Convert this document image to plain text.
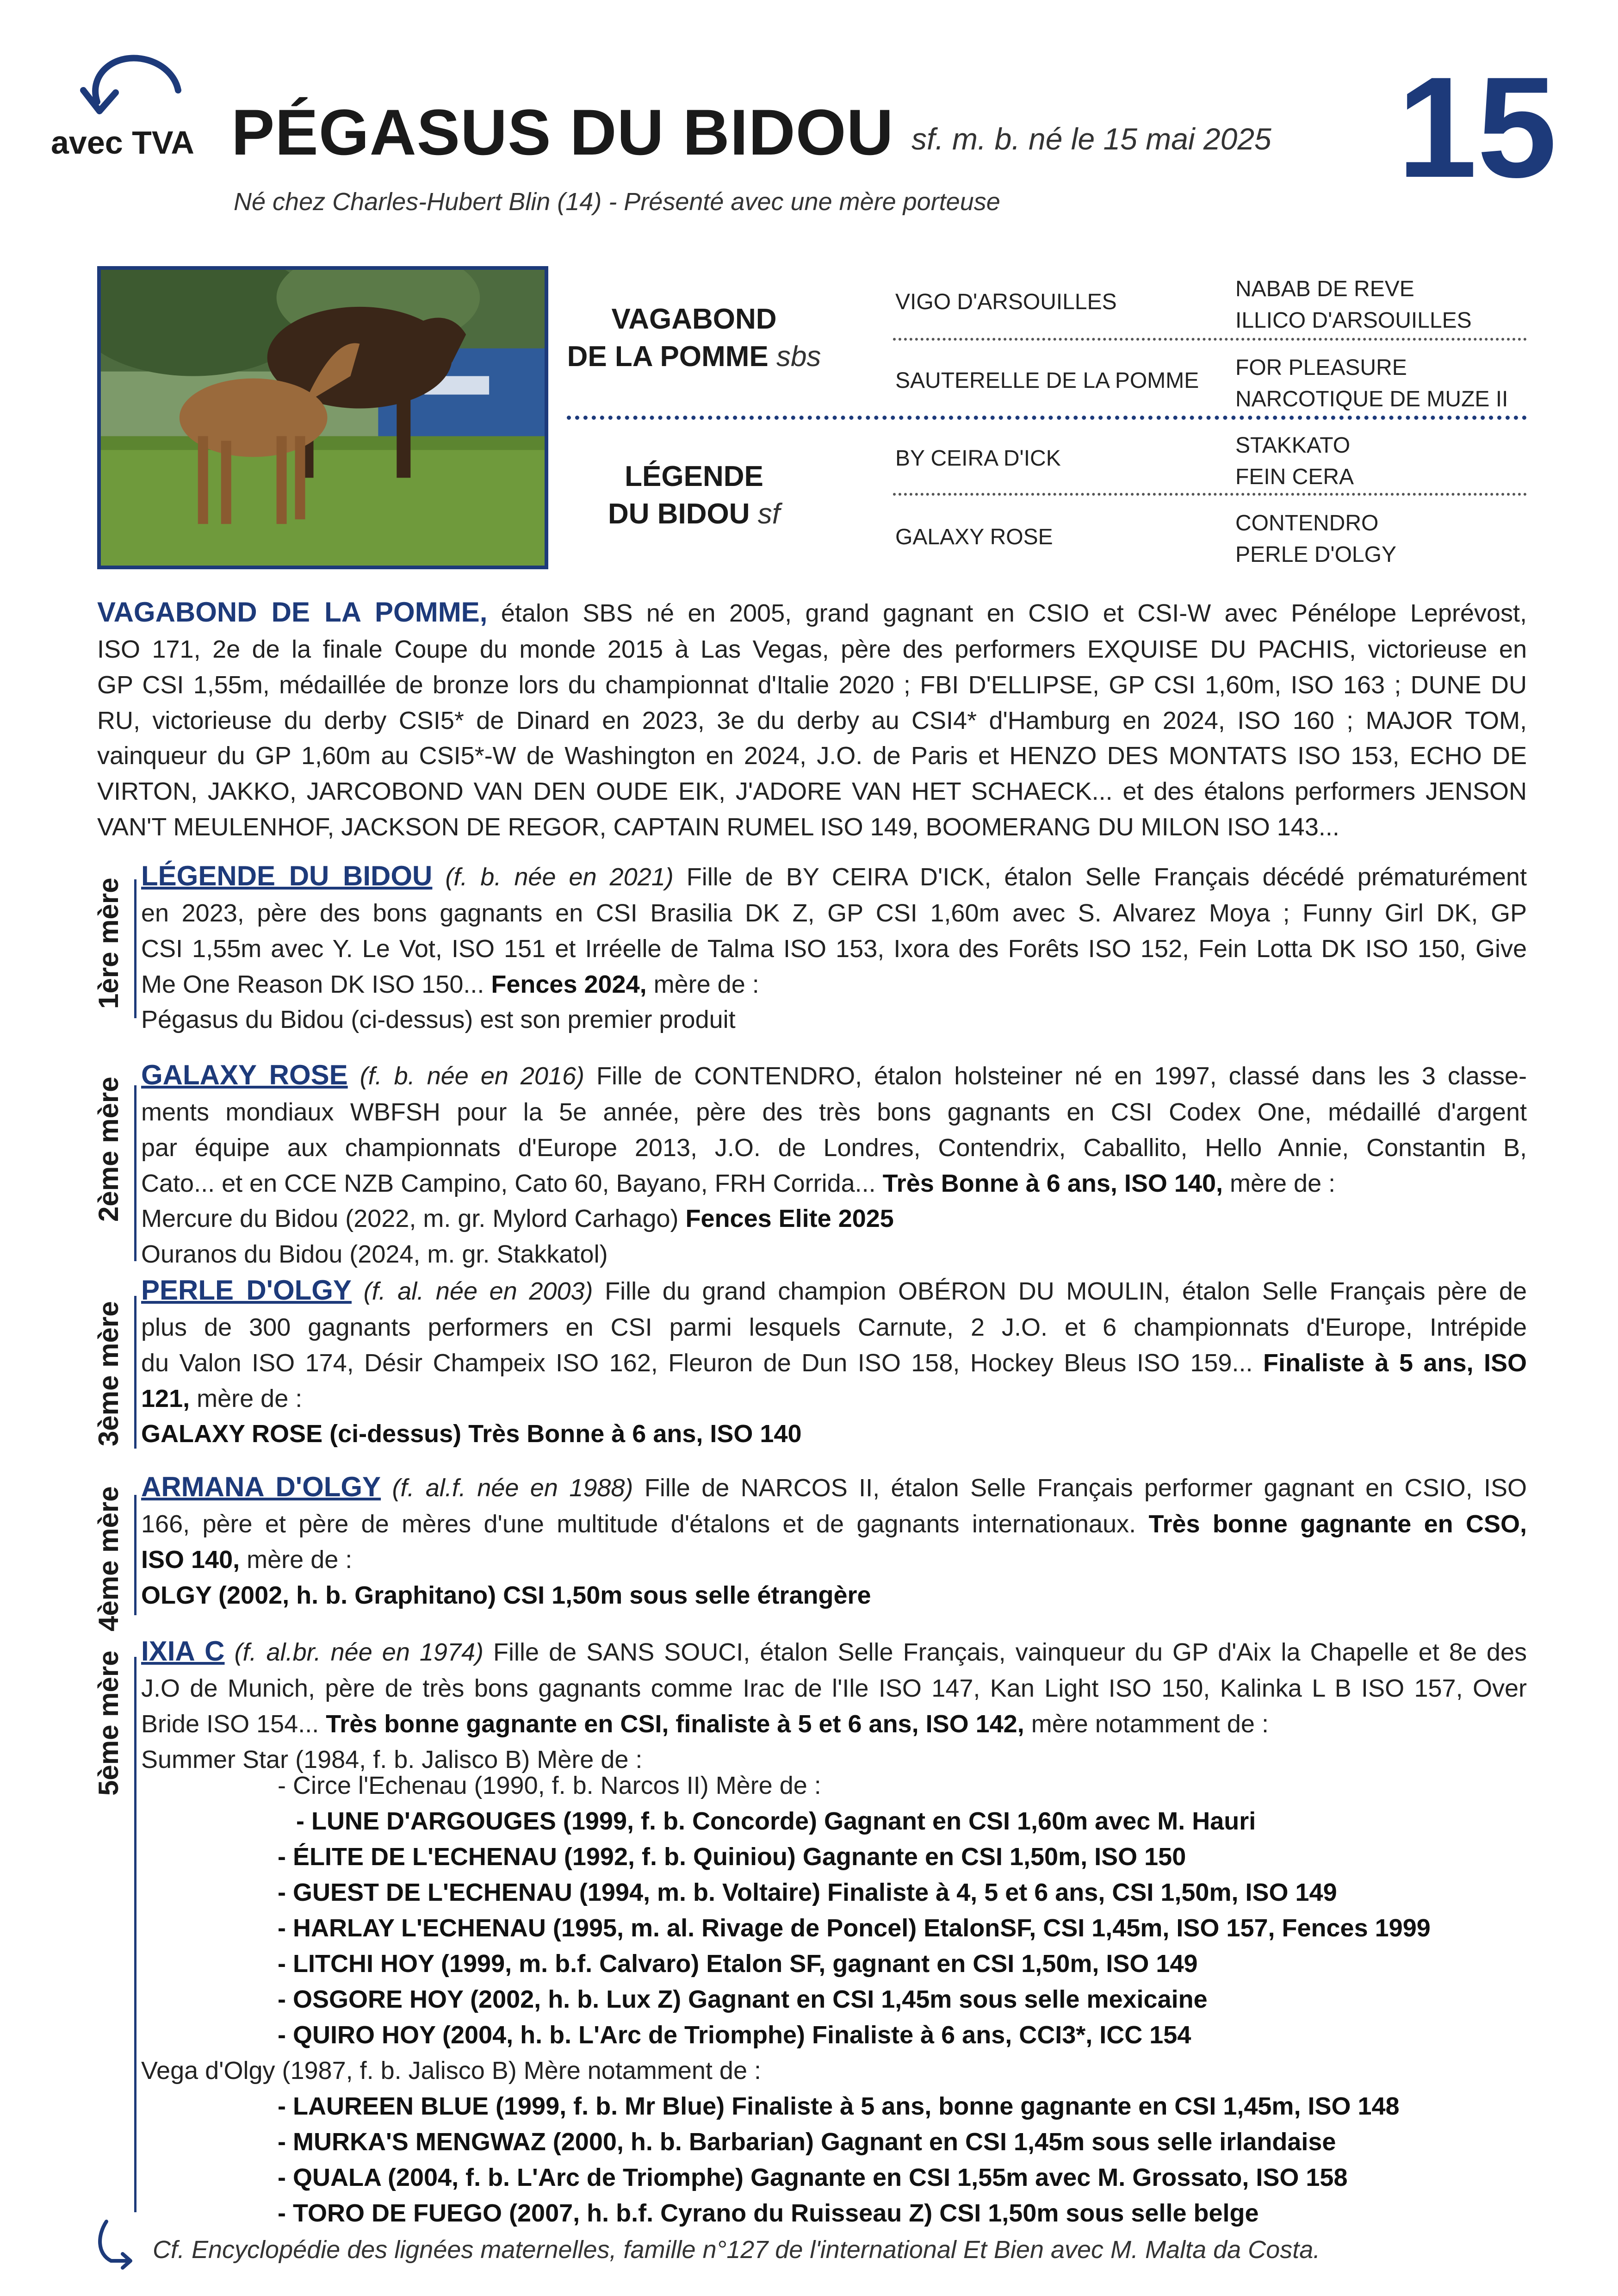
avec TVA PÉGASUS DU BIDOU sf. m. b. né le 15 mai 2025 15
Né chez Charles-Hubert Blin (14) - Présenté avec une mère porteuse
VAGABOND
DE LA POMME sbs
LÉGENDE
DU BIDOU sf
VIGO D'ARSOUILLES
SAUTERELLE DE LA POMME
BY CEIRA D'ICK
GALAXY ROSE
NABAB DE REVE
ILLICO D'ARSOUILLES
FOR PLEASURE
NARCOTIQUE DE MUZE II
STAKKATO
FEIN CERA
CONTENDRO
PERLE D'OLGY
VAGABOND DE LA POMME, étalon SBS né en 2005, grand gagnant en CSIO et CSI-W avec Pénélope Leprévost,
ISO 171, 2e de la finale Coupe du monde 2015 à Las Vegas, père des performers EXQUISE DU PACHIS, victorieuse en
GP CSI 1,55m, médaillée de bronze lors du championnat d'Italie 2020 ; FBI D'ELLIPSE, GP CSI 1,60m, ISO 163 ; DUNE DU
RU, victorieuse du derby CSI5* de Dinard en 2023, 3e du derby au CSI4* d'Hamburg en 2024, ISO 160 ; MAJOR TOM,
vainqueur du GP 1,60m au CSI5*-W de Washington en 2024, J.O. de Paris et HENZO DES MONTATS ISO 153, ECHO DE
VIRTON, JAKKO, JARCOBOND VAN DEN OUDE EIK, J'ADORE VAN HET SCHAECK... et des étalons performers JENSON
VAN'T MEULENHOF, JACKSON DE REGOR, CAPTAIN RUMEL ISO 149, BOOMERANG DU MILON ISO 143...
1ère mère
LÉGENDE DU BIDOU (f. b. née en 2021) Fille de BY CEIRA D'ICK, étalon Selle Français décédé prématurément
en 2023, père des bons gagnants en CSI Brasilia DK Z, GP CSI 1,60m avec S. Alvarez Moya ; Funny Girl DK, GP
CSI 1,55m avec Y. Le Vot, ISO 151 et Irréelle de Talma ISO 153, Ixora des Forêts ISO 152, Fein Lotta DK ISO 150, Give
Me One Reason DK ISO 150... Fences 2024, mère de :
Pégasus du Bidou (ci-dessus) est son premier produit
2ème mère
GALAXY ROSE (f. b. née en 2016) Fille de CONTENDRO, étalon holsteiner né en 1997, classé dans les 3 classe-
ments mondiaux WBFSH pour la 5e année, père des très bons gagnants en CSI Codex One, médaillé d'argent
par équipe aux championnats d'Europe 2013, J.O. de Londres, Contendrix, Caballito, Hello Annie, Constantin B,
Cato... et en CCE NZB Campino, Cato 60, Bayano, FRH Corrida... Très Bonne à 6 ans, ISO 140, mère de :
Mercure du Bidou (2022, m. gr. Mylord Carhago) Fences Elite 2025
Ouranos du Bidou (2024, m. gr. Stakkatol)
3ème mère
PERLE D'OLGY (f. al. née en 2003) Fille du grand champion OBÉRON DU MOULIN, étalon Selle Français père de
plus de 300 gagnants performers en CSI parmi lesquels Carnute, 2 J.O. et 6 championnats d'Europe, Intrépide
du Valon ISO 174, Désir Champeix ISO 162, Fleuron de Dun ISO 158, Hockey Bleus ISO 159... Finaliste à 5 ans, ISO
121, mère de :
GALAXY ROSE (ci-dessus) Très Bonne à 6 ans, ISO 140
4ème mère ARMANA D'OLGY (f. al.f. née en 1988) Fille de NARCOS II, étalon Selle Français performer gagnant en CSIO, ISO
166, père et père de mères d'une multitude d'étalons et de gagnants internationaux. Très bonne gagnante en CSO,
ISO 140, mère de :
OLGY (2002, h. b. Graphitano) CSI 1,50m sous selle étrangère
5ème mère IXIA C (f. al.br. née en 1974) Fille de SANS SOUCI, étalon Selle Français, vainqueur du GP d'Aix la Chapelle et 8e des
J.O de Munich, père de très bons gagnants comme Irac de l'Ile ISO 147, Kan Light ISO 150, Kalinka L B ISO 157, Over
Bride ISO 154... Très bonne gagnante en CSI, finaliste à 5 et 6 ans, ISO 142, mère notamment de :
Summer Star (1984, f. b. Jalisco B) Mère de :
- Circe l'Echenau (1990, f. b. Narcos II) Mère de :
- LUNE D'ARGOUGES (1999, f. b. Concorde) Gagnant en CSI 1,60m avec M. Hauri
- ÉLITE DE L'ECHENAU (1992, f. b. Quiniou) Gagnante en CSI 1,50m, ISO 150
- GUEST DE L'ECHENAU (1994, m. b. Voltaire) Finaliste à 4, 5 et 6 ans, CSI 1,50m, ISO 149
- HARLAY L'ECHENAU (1995, m. al. Rivage de Poncel) EtalonSF, CSI 1,45m, ISO 157, Fences 1999
- LITCHI HOY (1999, m. b.f. Calvaro) Etalon SF, gagnant en CSI 1,50m, ISO 149
- OSGORE HOY (2002, h. b. Lux Z) Gagnant en CSI 1,45m sous selle mexicaine
- QUIRO HOY (2004, h. b. L'Arc de Triomphe) Finaliste à 6 ans, CCI3*, ICC 154
Vega d'Olgy (1987, f. b. Jalisco B) Mère notamment de :
- LAUREEN BLUE (1999, f. b. Mr Blue) Finaliste à 5 ans, bonne gagnante en CSI 1,45m, ISO 148
- MURKA'S MENGWAZ (2000, h. b. Barbarian) Gagnant en CSI 1,45m sous selle irlandaise
- QUALA (2004, f. b. L'Arc de Triomphe) Gagnante en CSI 1,55m avec M. Grossato, ISO 158
- TORO DE FUEGO (2007, h. b.f. Cyrano du Ruisseau Z) CSI 1,50m sous selle belge
Cf. Encyclopédie des lignées maternelles, famille n°127 de l'international Et Bien avec M. Malta da Costa.
